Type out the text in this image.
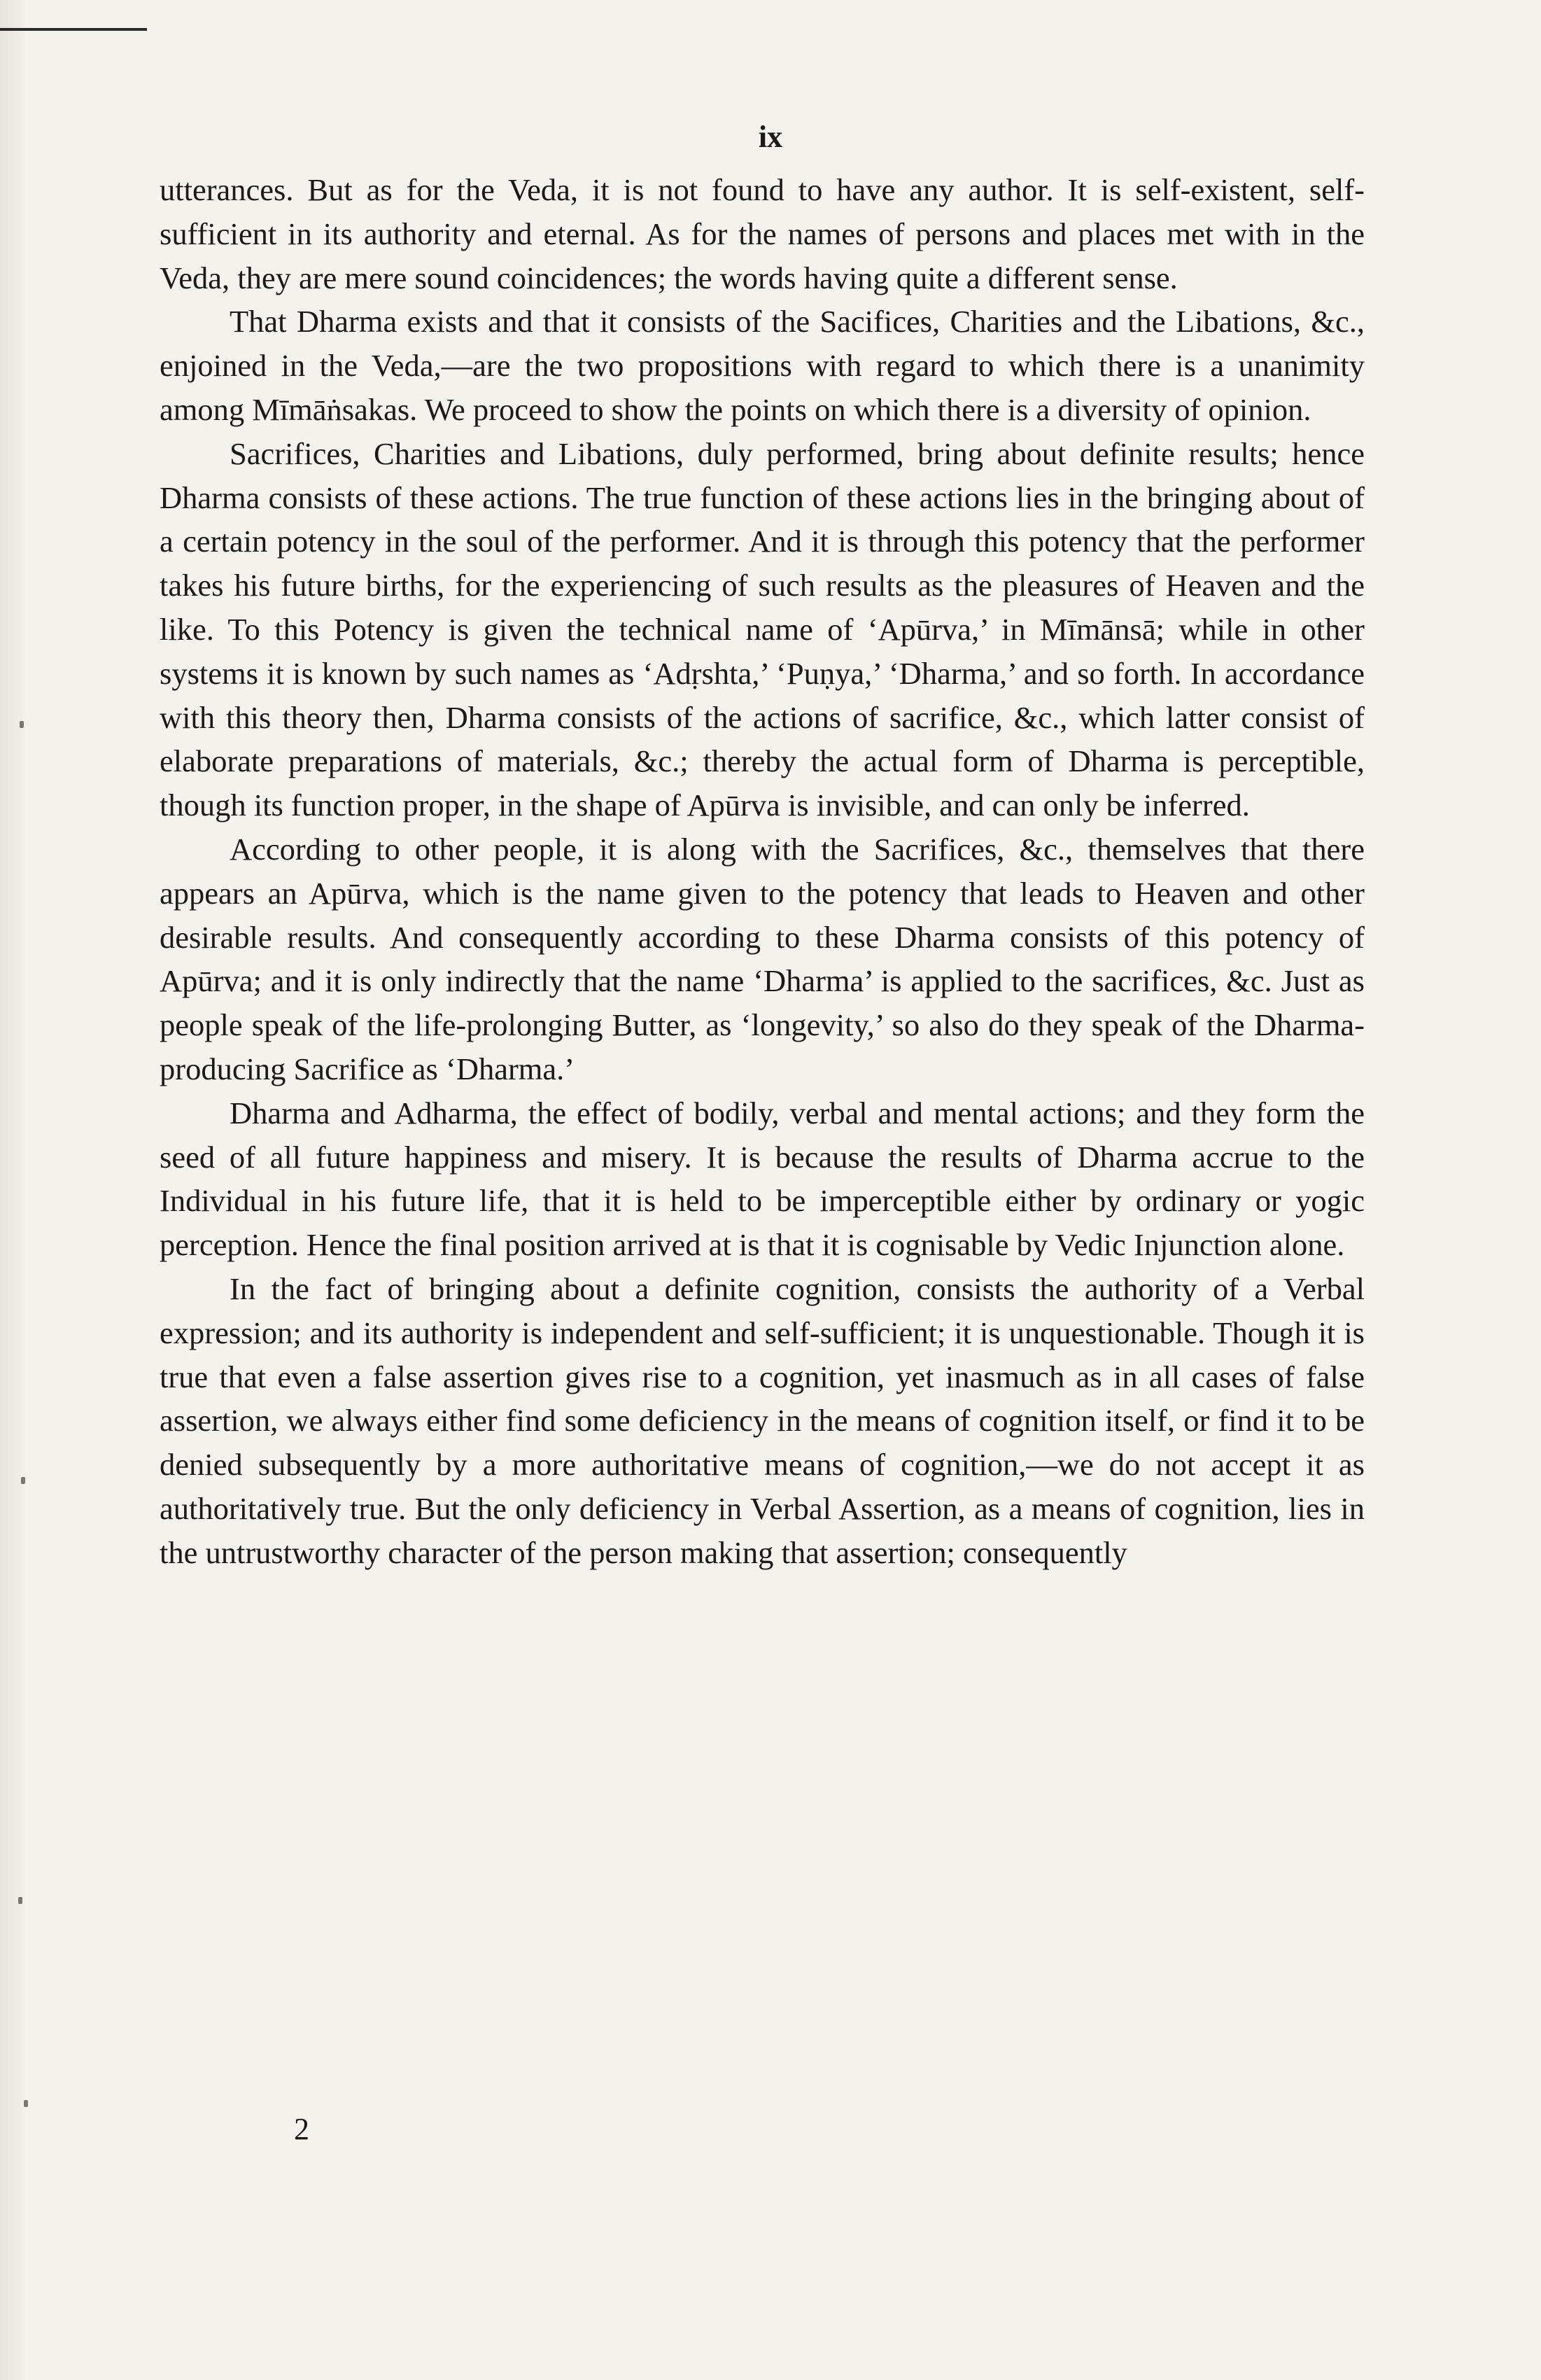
ix

utterances. But as for the Veda, it is not found to have any author. It is self-existent, self-sufficient in its authority and eternal. As for the names of persons and places met with in the Veda, they are mere sound coincidences; the words having quite a different sense.

That Dharma exists and that it consists of the Sacifices, Charities and the Libations, &c., enjoined in the Veda,—are the two propositions with regard to which there is a unanimity among Mīmāṅsakas. We proceed to show the points on which there is a diversity of opinion.

Sacrifices, Charities and Libations, duly performed, bring about definite results; hence Dharma consists of these actions. The true function of these actions lies in the bringing about of a certain potency in the soul of the performer. And it is through this potency that the performer takes his future births, for the experiencing of such results as the pleasures of Heaven and the like. To this Potency is given the technical name of ‘Apūrva,’ in Mīmānsā; while in other systems it is known by such names as ‘Adṛshta,’ ‘Puṇya,’ ‘Dharma,’ and so forth. In accordance with this theory then, Dharma consists of the actions of sacrifice, &c., which latter consist of elaborate preparations of materials, &c.; thereby the actual form of Dharma is perceptible, though its function proper, in the shape of Apūrva is invisible, and can only be inferred.

According to other people, it is along with the Sacrifices, &c., themselves that there appears an Apūrva, which is the name given to the potency that leads to Heaven and other desirable results. And consequently according to these Dharma consists of this potency of Apūrva; and it is only indirectly that the name ‘Dharma’ is applied to the sacrifices, &c. Just as people speak of the life-prolonging Butter, as ‘longevity,’ so also do they speak of the Dharma-producing Sacrifice as ‘Dharma.’

Dharma and Adharma, the effect of bodily, verbal and mental actions; and they form the seed of all future happiness and misery. It is because the results of Dharma accrue to the Individual in his future life, that it is held to be imperceptible either by ordinary or yogic perception. Hence the final position arrived at is that it is cognisable by Vedic Injunction alone.

In the fact of bringing about a definite cognition, consists the authority of a Verbal expression; and its authority is independent and self-sufficient; it is unquestionable. Though it is true that even a false assertion gives rise to a cognition, yet inasmuch as in all cases of false assertion, we always either find some deficiency in the means of cognition itself, or find it to be denied subsequently by a more authoritative means of cognition,—we do not accept it as authoritatively true. But the only deficiency in Verbal Assertion, as a means of cognition, lies in the untrustworthy character of the person making that assertion; consequently

2
